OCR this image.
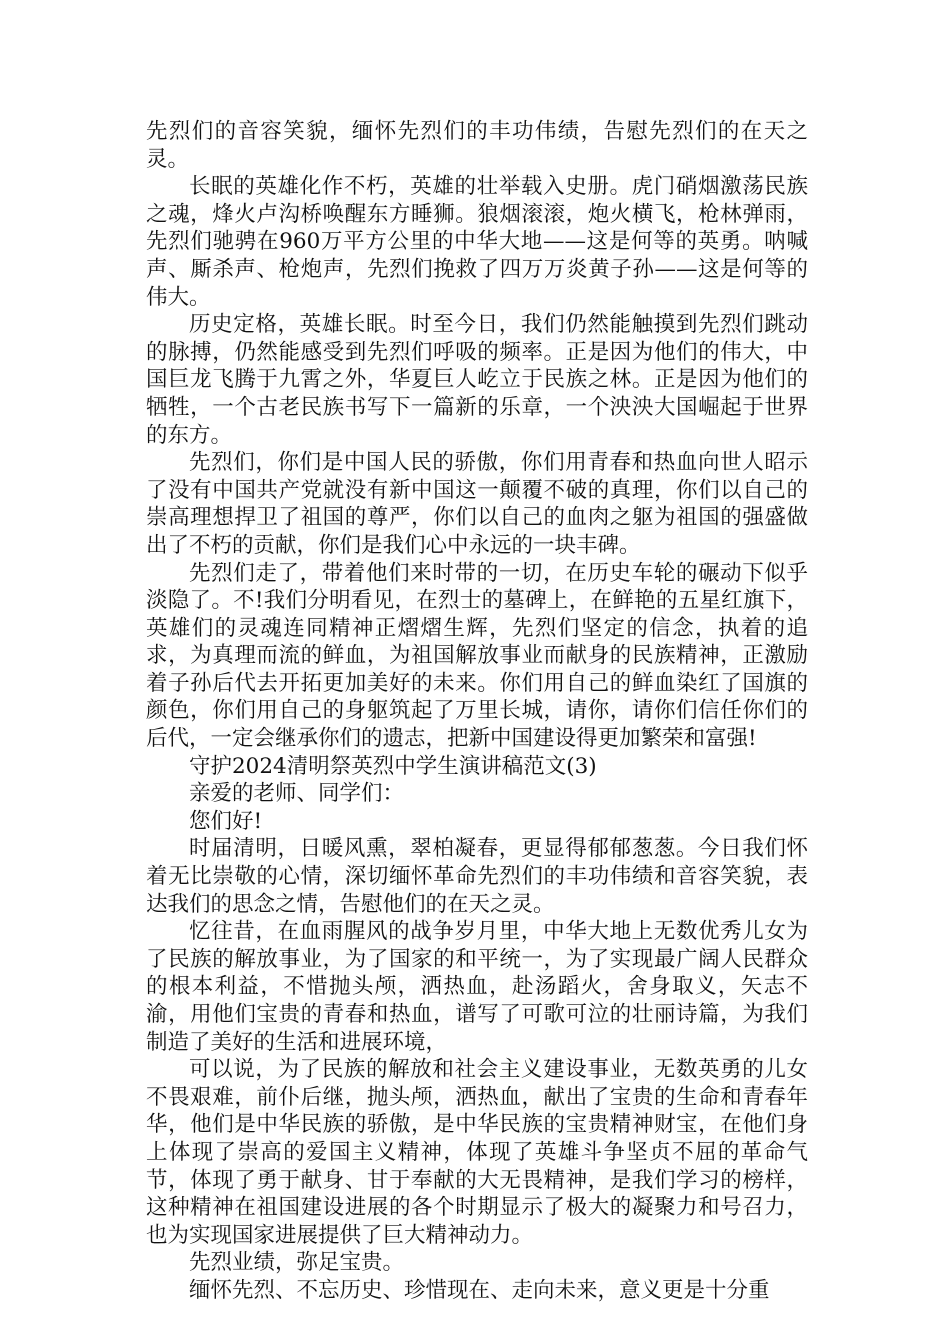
先烈们的音容笑貌，缅怀先烈们的丰功伟绩，告慰先烈们的在天之灵。

长眠的英雄化作不朽，英雄的壮举载入史册。虎门硝烟激荡民族之魂，烽火卢沟桥唤醒东方睡狮。狼烟滚滚，炮火横飞，枪林弹雨，先烈们驰骋在960万平方公里的中华大地——这是何等的英勇。呐喊声、厮杀声、枪炮声，先烈们挽救了四万万炎黄子孙——这是何等的伟大。

历史定格，英雄长眠。时至今日，我们仍然能触摸到先烈们跳动的脉搏，仍然能感受到先烈们呼吸的频率。正是因为他们的伟大，中国巨龙飞腾于九霄之外，华夏巨人屹立于民族之林。正是因为他们的牺牲，一个古老民族书写下一篇新的乐章，一个泱泱大国崛起于世界的东方。

先烈们，你们是中国人民的骄傲，你们用青春和热血向世人昭示了没有中国共产党就没有新中国这一颠覆不破的真理，你们以自己的崇高理想捍卫了祖国的尊严，你们以自己的血肉之躯为祖国的强盛做出了不朽的贡献，你们是我们心中永远的一块丰碑。

先烈们走了，带着他们来时带的一切，在历史车轮的碾动下似乎淡隐了。不!我们分明看见，在烈士的墓碑上，在鲜艳的五星红旗下，英雄们的灵魂连同精神正熠熠生辉，先烈们坚定的信念，执着的追求，为真理而流的鲜血，为祖国解放事业而献身的民族精神，正激励着子孙后代去开拓更加美好的未来。你们用自己的鲜血染红了国旗的颜色，你们用自己的身躯筑起了万里长城，请你，请你们信任你们的后代，一定会继承你们的遗志，把新中国建设得更加繁荣和富强!

守护2024清明祭英烈中学生演讲稿范文(3)

亲爱的老师、同学们：

您们好!

时届清明，日暖风熏，翠柏凝春，更显得郁郁葱葱。今日我们怀着无比崇敬的心情，深切缅怀革命先烈们的丰功伟绩和音容笑貌，表达我们的思念之情，告慰他们的在天之灵。

忆往昔，在血雨腥风的战争岁月里，中华大地上无数优秀儿女为了民族的解放事业，为了国家的和平统一，为了实现最广阔人民群众的根本利益，不惜抛头颅，洒热血，赴汤蹈火，舍身取义，矢志不渝，用他们宝贵的青春和热血，谱写了可歌可泣的壮丽诗篇，为我们制造了美好的生活和进展环境，

可以说，为了民族的解放和社会主义建设事业，无数英勇的儿女不畏艰难，前仆后继，抛头颅，洒热血，献出了宝贵的生命和青春年华，他们是中华民族的骄傲，是中华民族的宝贵精神财宝，在他们身上体现了崇高的爱国主义精神，体现了英雄斗争坚贞不屈的革命气节，体现了勇于献身、甘于奉献的大无畏精神，是我们学习的榜样，这种精神在祖国建设进展的各个时期显示了极大的凝聚力和号召力，也为实现国家进展提供了巨大精神动力。

先烈业绩，弥足宝贵。

缅怀先烈、不忘历史、珍惜现在、走向未来，意义更是十分重
